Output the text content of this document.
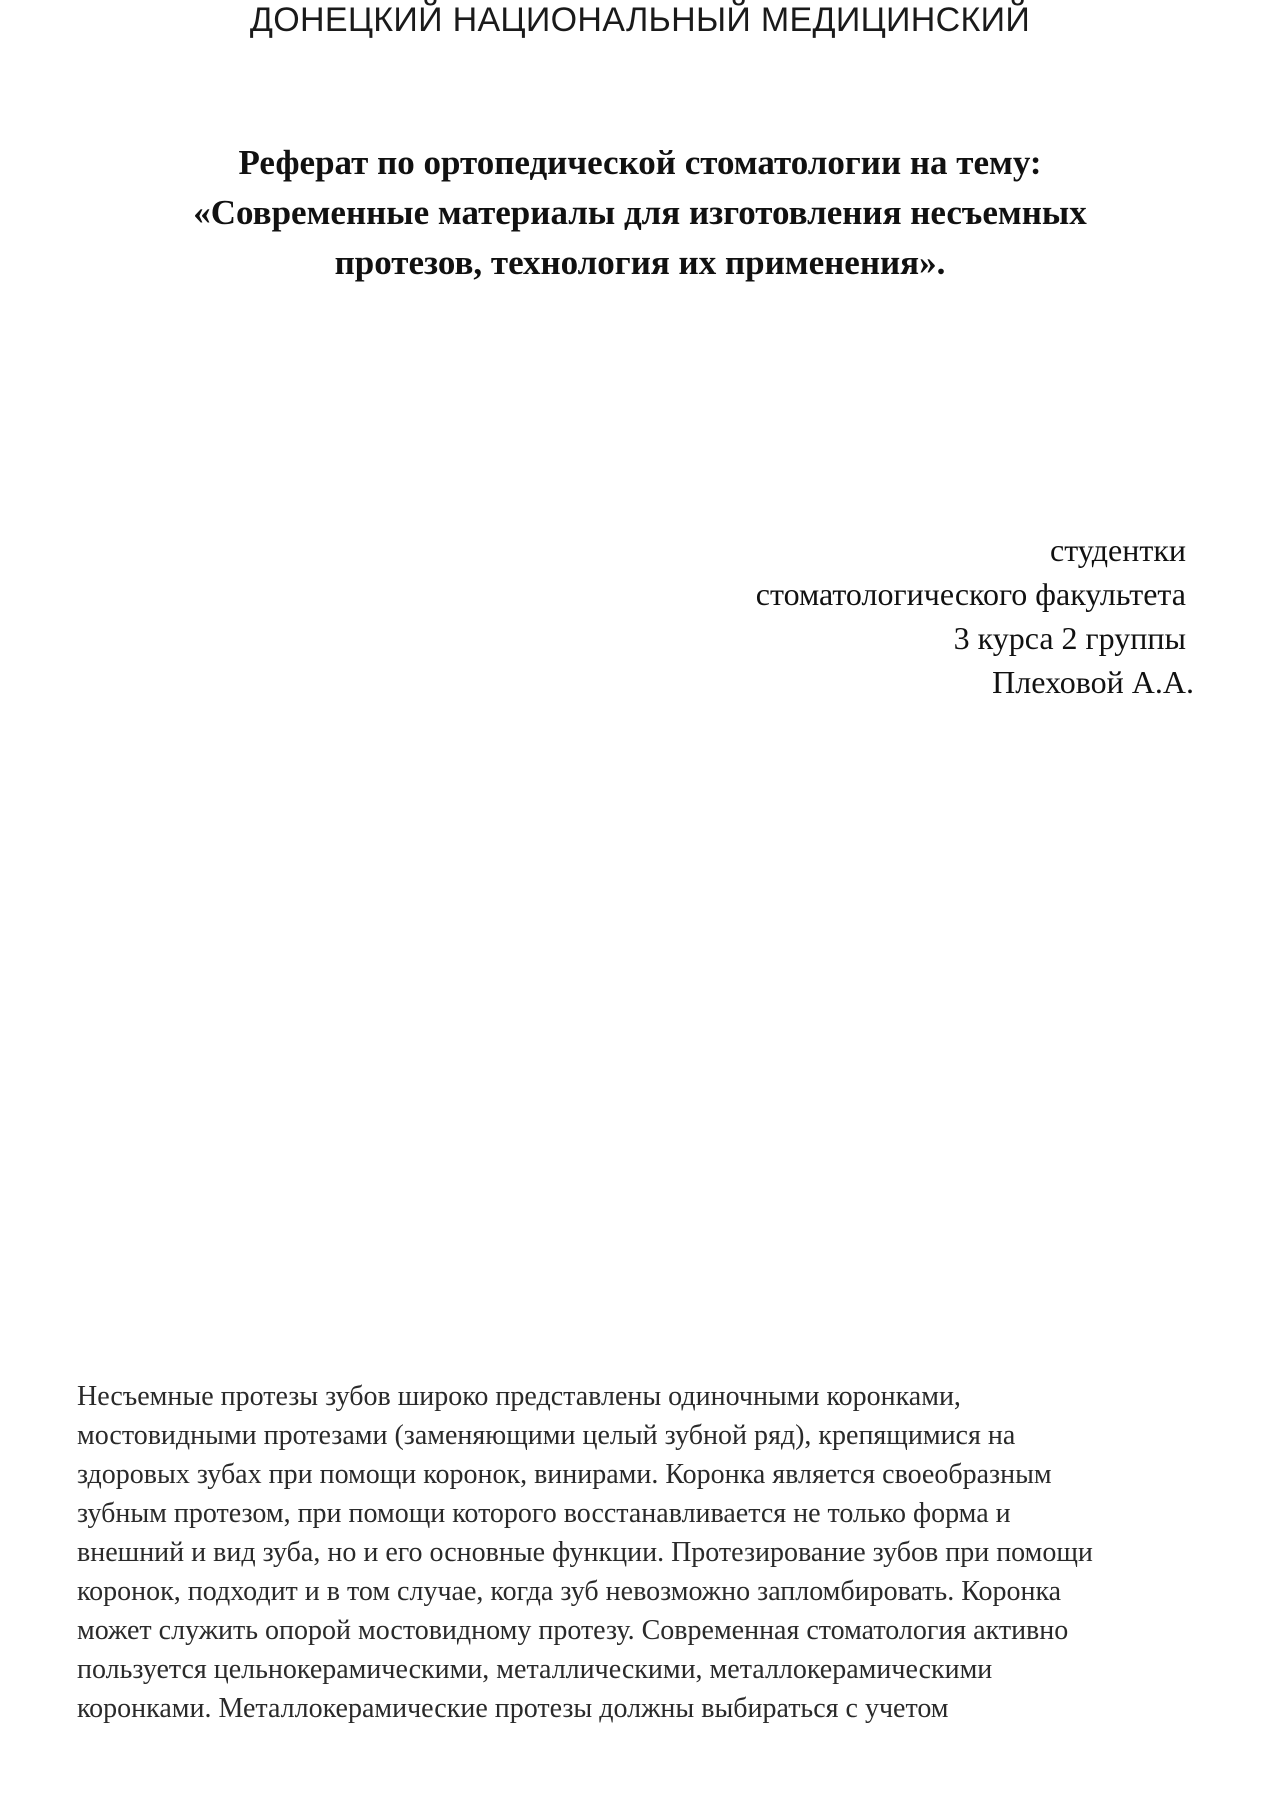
ДОНЕЦКИЙ НАЦИОНАЛЬНЫЙ МЕДИЦИНСКИЙ
Реферат по ортопедической стоматологии на тему:
«Современные материалы для изготовления несъемных
протезов, технология их применения».
студентки
стоматологического факультета
3 курса 2 группы
Плеховой А.А.
Несъемные протезы зубов широко представлены одиночными коронками,
мостовидными протезами (заменяющими целый зубной ряд), крепящимися на
здоровых зубах при помощи коронок, винирами. Коронка является своеобразным
зубным протезом, при помощи которого восстанавливается не только форма и
внешний и вид зуба, но и его основные функции. Протезирование зубов при помощи
коронок, подходит и в том случае, когда зуб невозможно запломбировать. Коронка
может служить опорой мостовидному протезу. Современная стоматология активно
пользуется цельнокерамическими, металлическими, металлокерамическими
коронками. Металлокерамические протезы должны выбираться с учетом
